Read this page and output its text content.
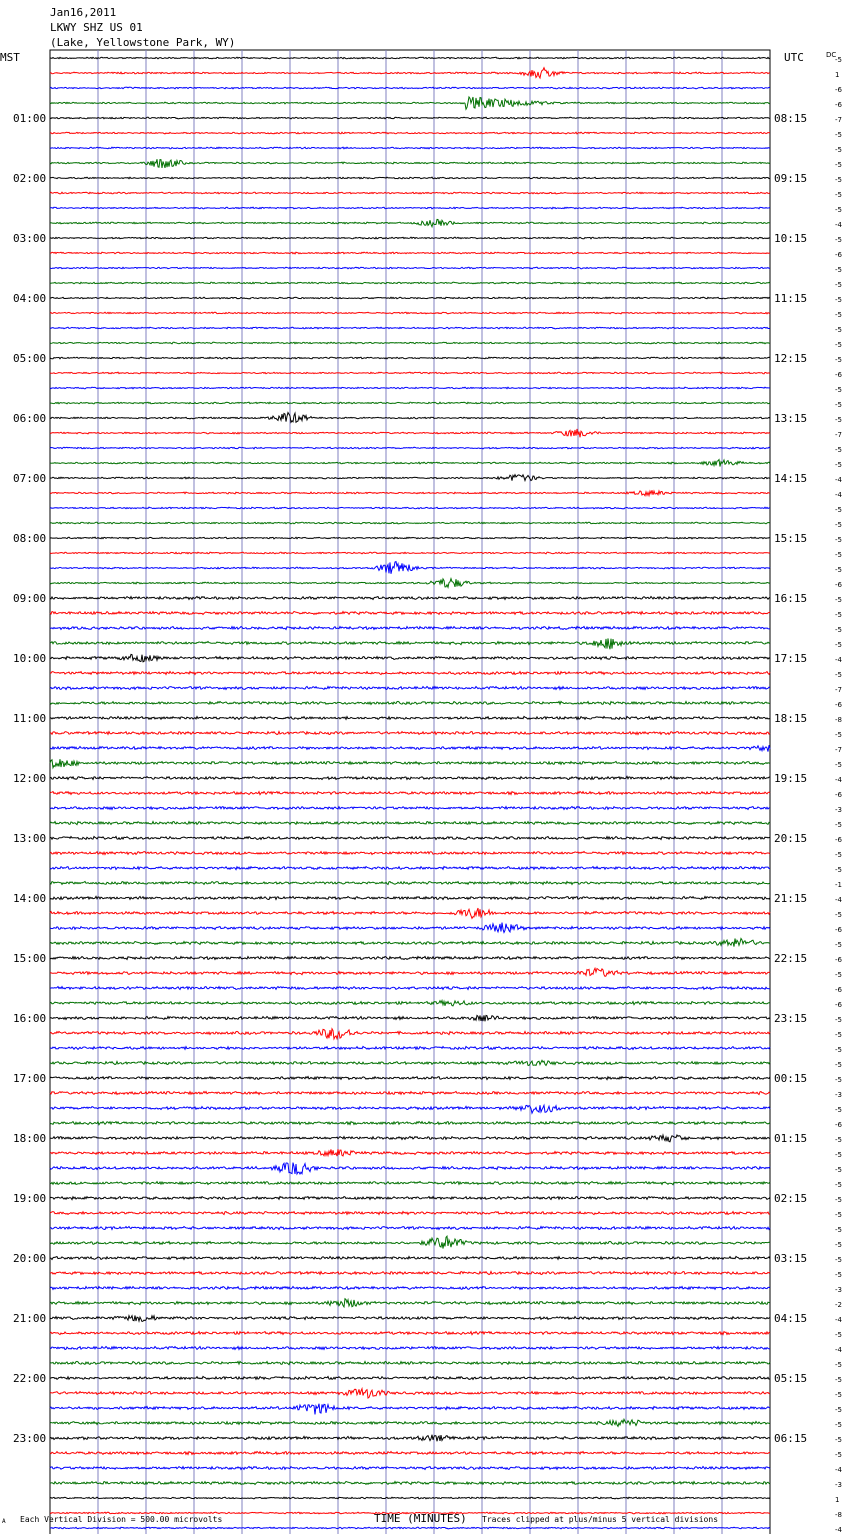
Jan16,2011
LKWY SHZ US 01
(Lake, Yellowstone Park, WY)
-5
1
-6
-6
-7
-5
-5
-5
-5
-5
-5
-4
-5
-6
-5
-5
-5
-5
-5
-5
-5
-6
-5
-5
-5
-7
-5
-5
-4
-4
-5
-5
-5
-5
-5
-6
-5
-5
-5
-5
-4
-5
-7
-6
-8
-5
-7
-5
-4
-6
-3
-5
-6
-5
-5
-1
-4
-5
-6
-5
-6
-5
-6
-6
-5
-5
-5
-5
-5
-3
-5
-6
-5
-5
-5
-5
-5
-5
-5
-5
-5
-5
-3
-2
-4
-5
-4
-5
-5
-5
-5
-5
-5
-5
-4
-3
1
-8
-4
MST	UTC	DC
01:00
02:00
03:00
04:00
05:00
06:00
07:00
08:00
09:00
10:00
11:00
12:00
13:00
14:00
15:00
16:00
17:00
18:00
19:00
20:00
21:00
22:00
23:00
08:15
09:15
10:15
11:15
12:15
13:15
14:15
15:15
16:15
17:15
18:15
19:15
20:15
21:15
22:15
23:15
00:15
01:15
02:15
03:15
04:15
05:15
06:15
A Each Vertical Division = 500.00 microvolts	TIME (MINUTES) Traces clipped at plus/minus 5 vertical divisions
